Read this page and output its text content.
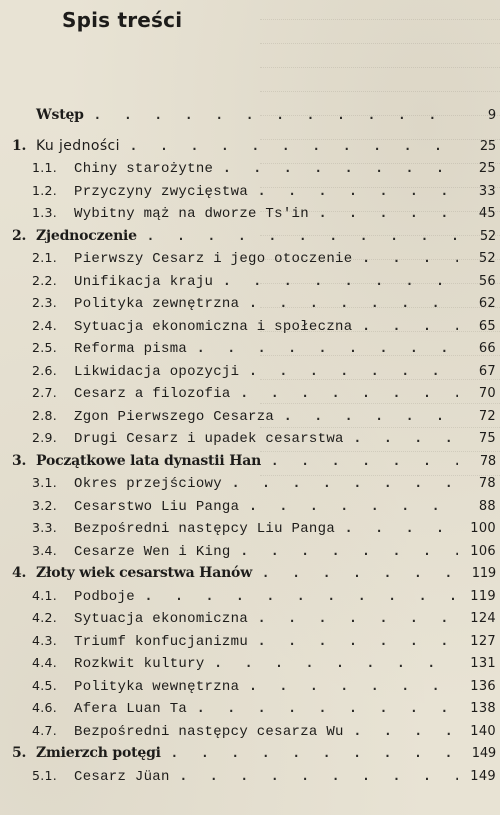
Spis treści
Wstęp . . .	9
1. Ku jedności . . .	25
1.1.	Chiny starożytne . . .	25
1.2.	Przyczyny zwycięstwa . . .	33
1.3.	Wybitny mąż na dworze Ts'in . . .	45
2. Zjednoczenie . . .	52
2.1.	Pierwszy Cesarz i jego otoczenie . . .	52
2.2.	Unifikacja kraju . . .	56
2.3.	Polityka zewnętrzna . . .	62
2.4.	Sytuacja ekonomiczna i społeczna . . .	65
2.5.	Reforma pisma . . .	66
2.6.	Likwidacja opozycji . . .	67
2.7.	Cesarz a filozofia . . .	70
2.8.	Zgon Pierwszego Cesarza . . .	72
2.9.	Drugi Cesarz i upadek cesarstwa . . .	75
3. Początkowe lata dynastii Han . . .	78
3.1.	Okres przejściowy . . .	78
3.2.	Cesarstwo Liu Panga . . .	88
3.3.	Bezpośredni następcy Liu Panga . . .	100
3.4.	Cesarze Wen i King . . .	106
4. Złoty wiek cesarstwa Hanów . . .	119
4.1.	Podboje . . .	119
4.2.	Sytuacja ekonomiczna . . .	124
4.3.	Triumf konfucjanizmu . . .	127
4.4.	Rozkwit kultury . . .	131
4.5.	Polityka wewnętrzna . . .	136
4.6.	Afera Luan Ta . . .	138
4.7.	Bezpośredni następcy cesarza Wu . . .	140
5. Zmierzch potęgi . . .	149
5.1.	Cesarz Jüan . . .	149
